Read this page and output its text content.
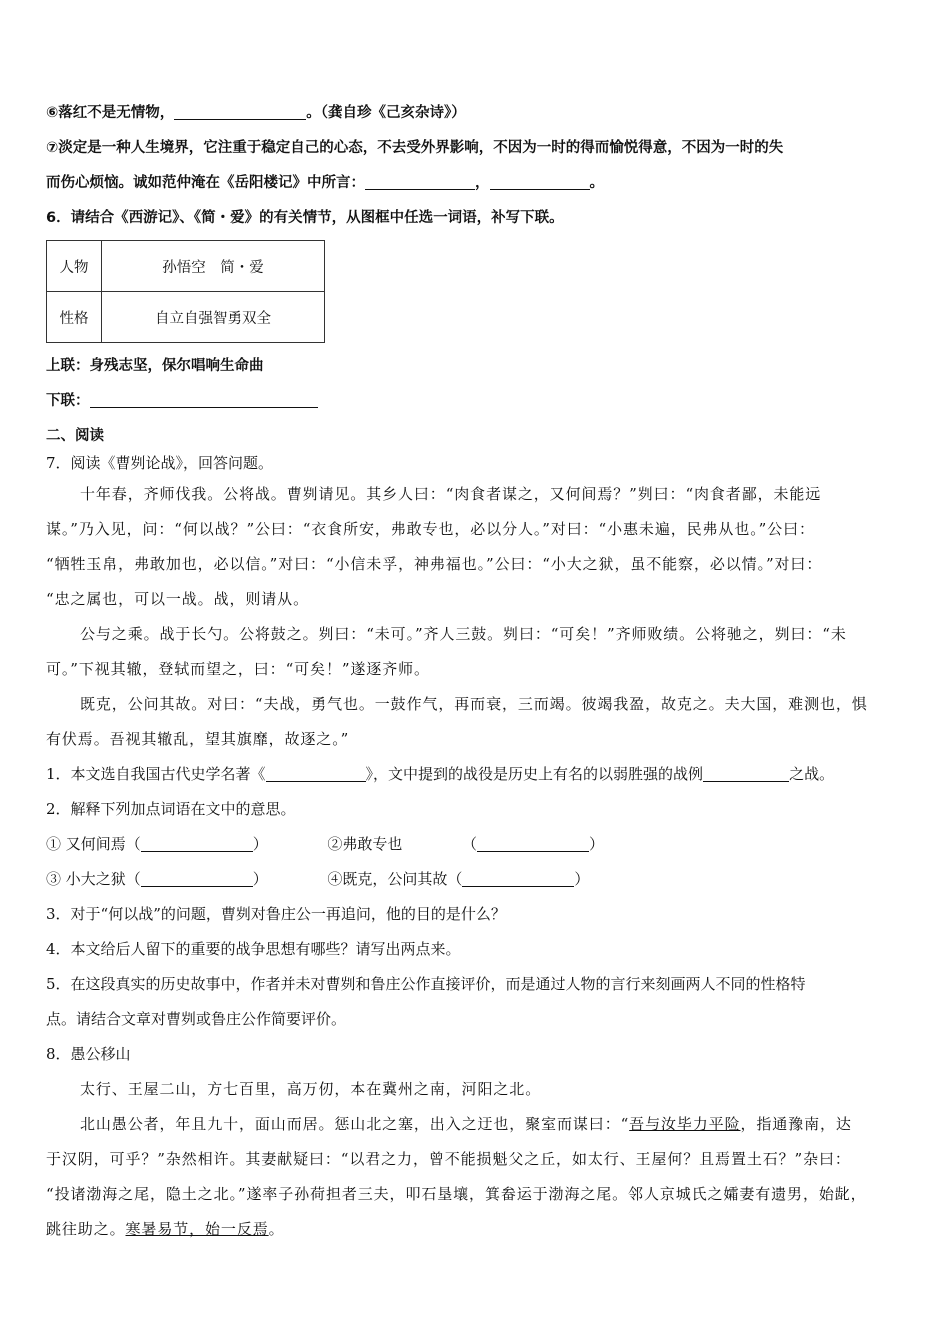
⑥落红不是无情物，	。（龚自珍《己亥杂诗》）
⑦淡定是一种人生境界，它注重于稳定自己的心态，不去受外界影响，不因为一时的得而愉悦得意，不因为一时的失
而伤心烦恼。诚如范仲淹在《岳阳楼记》中所言：	，	。
6．请结合《西游记》、《简・爱》的有关情节，从图框中任选一词语，补写下联。
人物	孙悟空　简・爱
性格	自立自强智勇双全
上联：身残志坚，保尔唱响生命曲
下联：
二、阅读
7．阅读《曹刿论战》，回答问题。
十年春，齐师伐我。公将战。曹刿请见。其乡人曰：“肉食者谋之，又何间焉？”刿曰：“肉食者鄙，未能远
谋。”乃入见，问：“何以战？”公曰：“衣食所安，弗敢专也，必以分人。”对曰：“小惠未遍，民弗从也。”公曰：
“牺牲玉帛，弗敢加也，必以信。”对曰：“小信未孚，神弗福也。”公曰：“小大之狱，虽不能察，必以情。”对曰：
“忠之属也，可以一战。战，则请从。
公与之乘。战于长勺。公将鼓之。刿曰：“未可。”齐人三鼓。刿曰：“可矣！”齐师败绩。公将驰之，刿曰：“未
可。”下视其辙，登轼而望之，曰：“可矣！”遂逐齐师。
既克，公问其故。对曰：“夫战，勇气也。一鼓作气，再而衰，三而竭。彼竭我盈，故克之。夫大国，难测也，惧
有伏焉。吾视其辙乱，望其旗靡，故逐之。”
1．本文选自我国古代史学名著《	》，文中提到的战役是历史上有名的以弱胜强的战例	之战。
2．解释下列加点词语在文中的意思。
① 又何间焉（	）	②弗敢专也	（	）
③ 小大之狱（	）	④既克，公问其故（	）
3．对于“何以战”的问题，曹刿对鲁庄公一再追问，他的目的是什么？
4．本文给后人留下的重要的战争思想有哪些？请写出两点来。
5．在这段真实的历史故事中，作者并未对曹刿和鲁庄公作直接评价，而是通过人物的言行来刻画两人不同的性格特
点。请结合文章对曹刿或鲁庄公作简要评价。
8．愚公移山
太行、王屋二山，方七百里，高万仞，本在冀州之南，河阳之北。
北山愚公者，年且九十，面山而居。惩山北之塞，出入之迂也，聚室而谋曰：“吾与汝毕力平险，指通豫南，达
于汉阴，可乎？”杂然相许。其妻献疑曰：“以君之力，曾不能损魁父之丘，如太行、王屋何？且焉置土石？”杂曰：
“投诸渤海之尾，隐土之北。”遂率子孙荷担者三夫，叩石垦壤，箕畚运于渤海之尾。邻人京城氏之孀妻有遗男，始龀，
跳往助之。寒暑易节，始一反焉。
